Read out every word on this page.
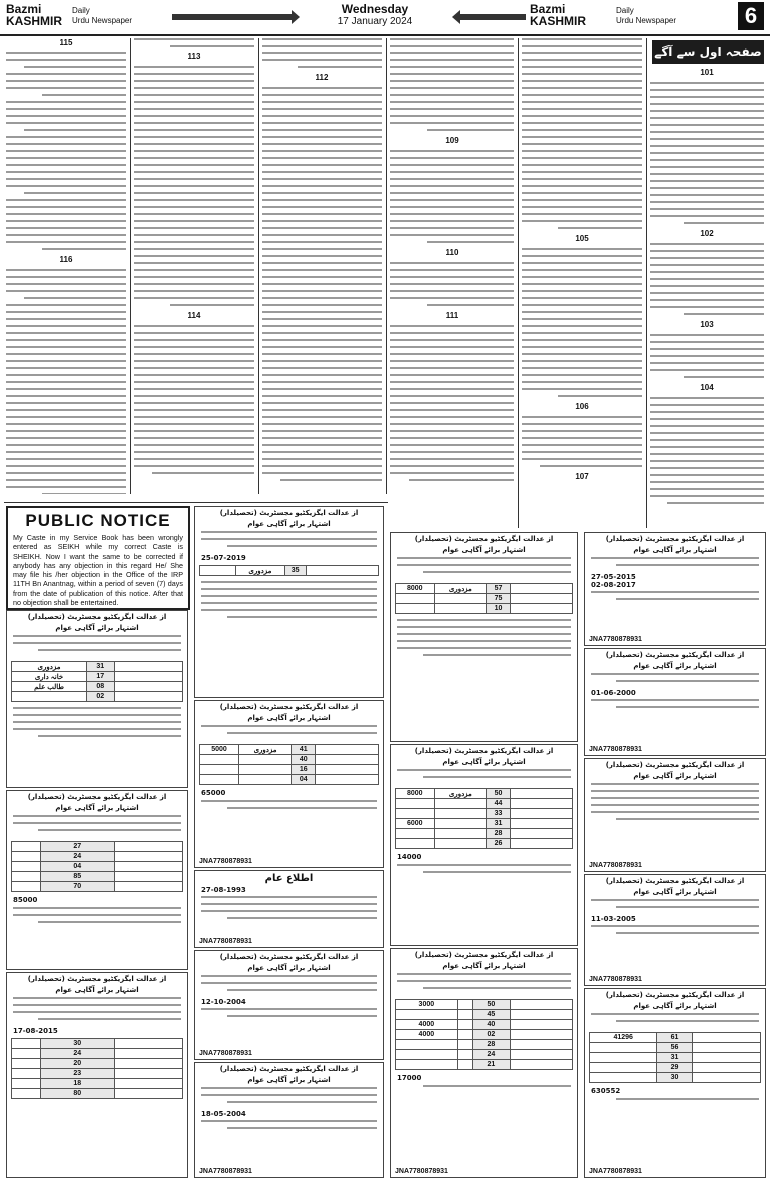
Bazmi
KASHMIR
Daily
Urdu Newspaper
Wednesday
17 January 2024
Bazmi
KASHMIR
Daily
Urdu Newspaper	6
115
116
113
114
112
109
110
111
105
106
107
صفحہ اول سے آگے
101
102
103
104
PUBLIC NOTICE
My Caste in my Service Book has been wrongly entered as SEIKH while my correct Caste is SHEIKH. Now I want the same to be corrected if anybody has any objection in this regard He/ She may file his /her objection in the Office of the IRP 11TH Bn Anantnag, within a period of seven (7) days from the date of publication of this notice. After that no objection shall be entertained.
از عدالت ایگزیکٹیو مجسٹریٹ (تحصیلدار)
اشتہار برائے آگاہی عوام
مزدوری	31	
خانہ داری	17	
طالب علم	08	
	02	
از عدالت ایگزیکٹیو مجسٹریٹ (تحصیلدار)
اشتہار برائے آگاہی عوام
	27	
	24	
	04	
	85	
	70	
85000
از عدالت ایگزیکٹیو مجسٹریٹ (تحصیلدار)
اشتہار برائے آگاہی عوام
17-08-2015
	30	
	24	
	20	
	23	
	18	
	80	
از عدالت ایگزیکٹیو مجسٹریٹ (تحصیلدار)
اشتہار برائے آگاہی عوام
25-07-2019
	مزدوری	35	
از عدالت ایگزیکٹیو مجسٹریٹ (تحصیلدار)
اشتہار برائے آگاہی عوام
5000	مزدوری	41	
		40	
		16	
		04	
65000
JNA7780878931
اطلاع عام
27-08-1993
JNA7780878931
از عدالت ایگزیکٹیو مجسٹریٹ (تحصیلدار)
اشتہار برائے آگاہی عوام
12-10-2004
JNA7780878931
از عدالت ایگزیکٹیو مجسٹریٹ (تحصیلدار)
اشتہار برائے آگاہی عوام
18-05-2004
JNA7780878931
از عدالت ایگزیکٹیو مجسٹریٹ (تحصیلدار)
اشتہار برائے آگاہی عوام
8000	مزدوری	57	
		75	
		10	
از عدالت ایگزیکٹیو مجسٹریٹ (تحصیلدار)
اشتہار برائے آگاہی عوام
8000	مزدوری	50	
		44	
		33	
6000		31	
		28	
		26	
14000
از عدالت ایگزیکٹیو مجسٹریٹ (تحصیلدار)
اشتہار برائے آگاہی عوام
3000		50	
		45	
4000		40	
4000		02	
		28	
		24	
		21	
17000
JNA7780878931
از عدالت ایگزیکٹیو مجسٹریٹ (تحصیلدار)
اشتہار برائے آگاہی عوام
27-05-2015
02-08-2017
JNA7780878931
از عدالت ایگزیکٹیو مجسٹریٹ (تحصیلدار)
اشتہار برائے آگاہی عوام
01-06-2000
JNA7780878931
از عدالت ایگزیکٹیو مجسٹریٹ (تحصیلدار)
اشتہار برائے آگاہی عوام
JNA7780878931
از عدالت ایگزیکٹیو مجسٹریٹ (تحصیلدار)
اشتہار برائے آگاہی عوام
11-03-2005
JNA7780878931
از عدالت ایگزیکٹیو مجسٹریٹ (تحصیلدار)
اشتہار برائے آگاہی عوام
41296	61	
	56	
	31	
	29	
	30	
630552
JNA7780878931
